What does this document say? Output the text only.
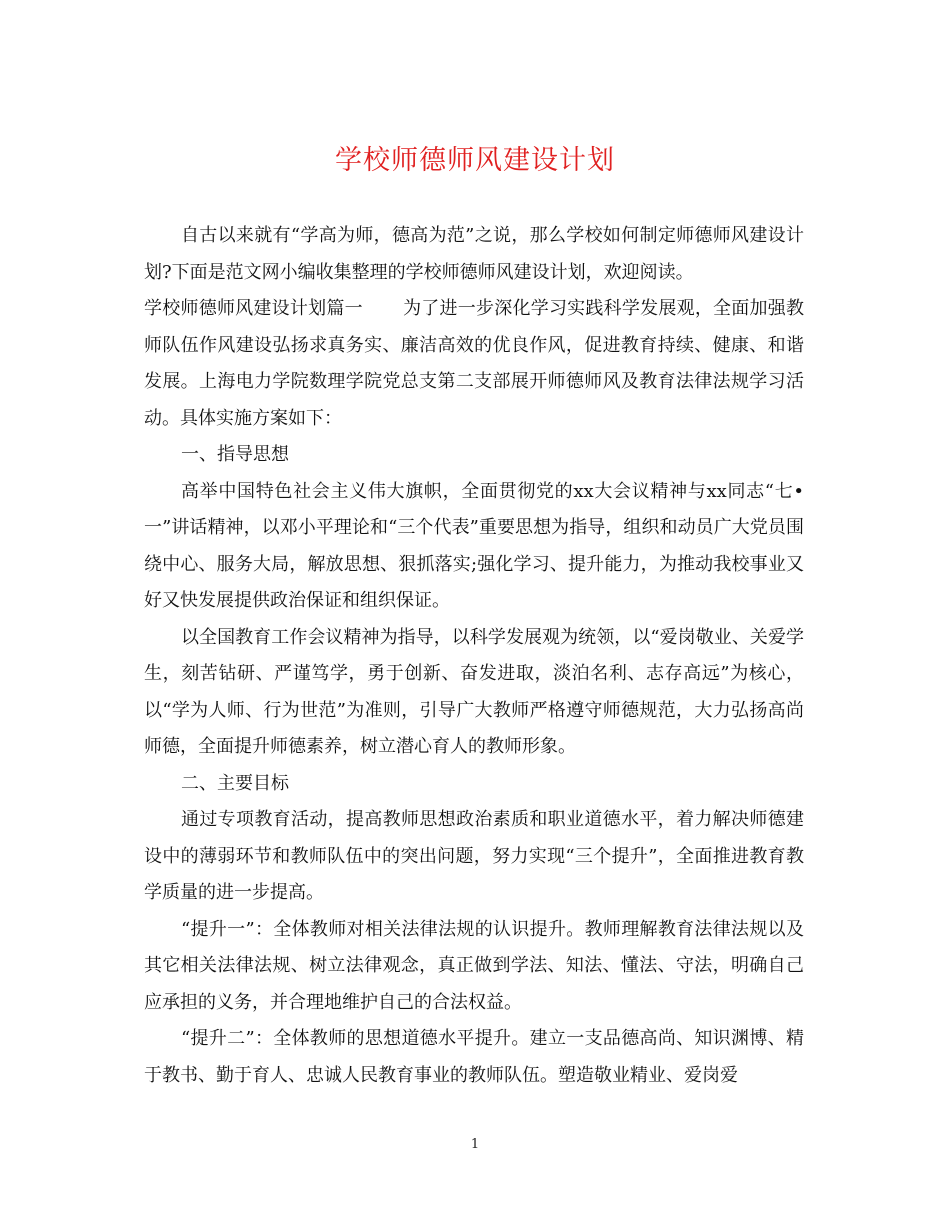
学校师德师风建设计划

自古以来就有“学高为师，德高为范”之说，那么学校如何制定师德师风建设计划?下面是范文网小编收集整理的学校师德师风建设计划，欢迎阅读。

学校师德师风建设计划篇一 为了进一步深化学习实践科学发展观，全面加强教师队伍作风建设弘扬求真务实、廉洁高效的优良作风，促进教育持续、健康、和谐发展。上海电力学院数理学院党总支第二支部展开师德师风及教育法律法规学习活动。具体实施方案如下：

一、指导思想

高举中国特色社会主义伟大旗帜，全面贯彻党的xx大会议精神与xx同志“七•一”讲话精神，以邓小平理论和“三个代表”重要思想为指导，组织和动员广大党员围绕中心、服务大局，解放思想、狠抓落实;强化学习、提升能力，为推动我校事业又好又快发展提供政治保证和组织保证。

以全国教育工作会议精神为指导，以科学发展观为统领，以“爱岗敬业、关爱学生，刻苦钻研、严谨笃学，勇于创新、奋发进取，淡泊名利、志存高远”为核心，以“学为人师、行为世范”为准则，引导广大教师严格遵守师德规范，大力弘扬高尚师德，全面提升师德素养，树立潜心育人的教师形象。

二、主要目标

通过专项教育活动，提高教师思想政治素质和职业道德水平，着力解决师德建设中的薄弱环节和教师队伍中的突出问题，努力实现“三个提升”，全面推进教育教学质量的进一步提高。

“提升一”：全体教师对相关法律法规的认识提升。教师理解教育法律法规以及其它相关法律法规、树立法律观念，真正做到学法、知法、懂法、守法，明确自己应承担的义务，并合理地维护自己的合法权益。

“提升二”：全体教师的思想道德水平提升。建立一支品德高尚、知识渊博、精于教书、勤于育人、忠诚人民教育事业的教师队伍。塑造敬业精业、爱岗爱

1
